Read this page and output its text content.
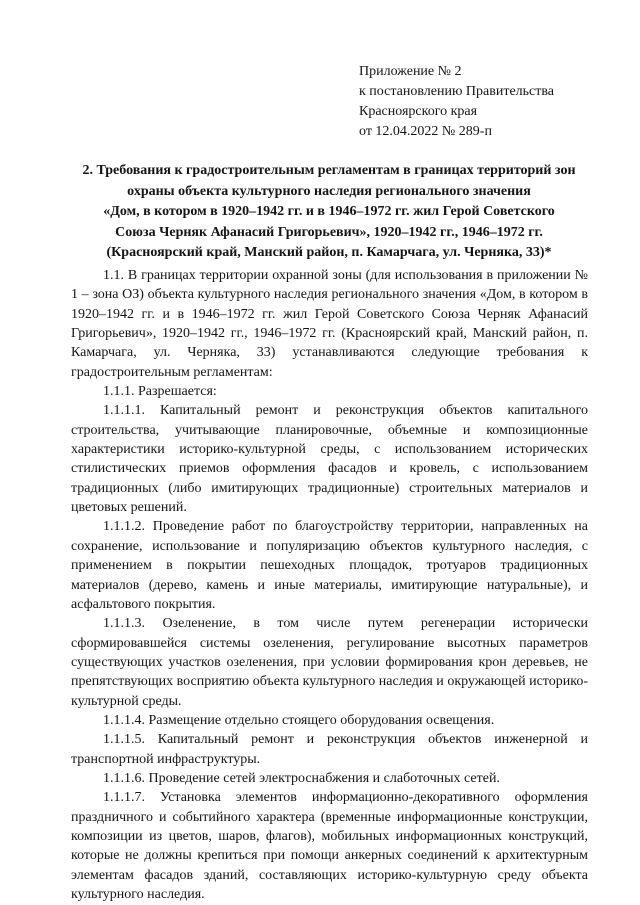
Приложение № 2
к постановлению Правительства
Красноярского края
от 12.04.2022 № 289-п
2. Требования к градостроительным регламентам в границах территорий зон
охраны объекта культурного наследия регионального значения
«Дом, в котором в 1920–1942 гг. и в 1946–1972 гг. жил Герой Советского
Союза Черняк Афанасий Григорьевич», 1920–1942 гг., 1946–1972 гг.
(Красноярский край, Манский район, п. Камарчага, ул. Черняка, 33)*

1.1. В границах территории охранной зоны (для использования в приложении № 1 – зона ОЗ) объекта культурного наследия регионального значения «Дом, в котором в 1920–1942 гг. и в 1946–1972 гг. жил Герой Советского Союза Черняк Афанасий Григорьевич», 1920–1942 гг., 1946–1972 гг. (Красноярский край, Манский район, п. Камарчага, ул. Черняка, 33) устанавливаются следующие требования к градостроительным регламентам:

1.1.1. Разрешается:

1.1.1.1. Капитальный ремонт и реконструкция объектов капитального строительства, учитывающие планировочные, объемные и композиционные характеристики историко-культурной среды, с использованием исторических стилистических приемов оформления фасадов и кровель, с использованием традиционных (либо имитирующих традиционные) строительных материалов и цветовых решений.

1.1.1.2. Проведение работ по благоустройству территории, направленных на сохранение, использование и популяризацию объектов культурного наследия, с применением в покрытии пешеходных площадок, тротуаров традиционных материалов (дерево, камень и иные материалы, имитирующие натуральные), и асфальтового покрытия.

1.1.1.3. Озеленение, в том числе путем регенерации исторически сформировавшейся системы озеленения, регулирование высотных параметров существующих участков озеленения, при условии формирования крон деревьев, не препятствующих восприятию объекта культурного наследия и окружающей историко-культурной среды.

1.1.1.4. Размещение отдельно стоящего оборудования освещения.

1.1.1.5. Капитальный ремонт и реконструкция объектов инженерной и транспортной инфраструктуры.

1.1.1.6. Проведение сетей электроснабжения и слаботочных сетей.

1.1.1.7. Установка элементов информационно-декоративного оформления праздничного и событийного характера (временные информационные конструкции, композиции из цветов, шаров, флагов), мобильных информационных конструкций, которые не должны крепиться при помощи анкерных соединений к архитектурным элементам фасадов зданий, составляющих историко-культурную среду объекта культурного наследия.
